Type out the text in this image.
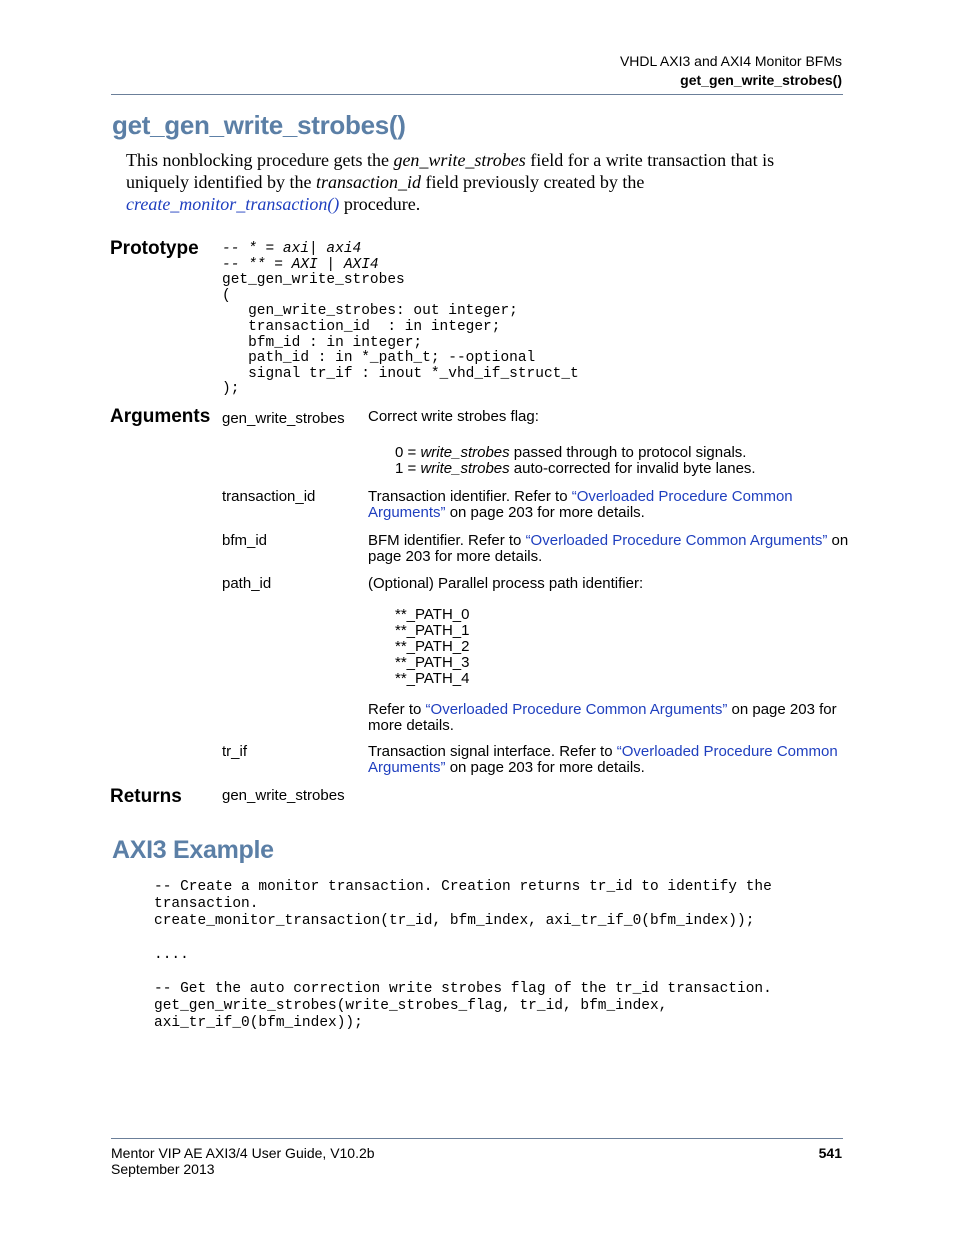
VHDL AXI3 and AXI4 Monitor BFMs
get_gen_write_strobes()
get_gen_write_strobes()
This nonblocking procedure gets the gen_write_strobes field for a write transaction that is uniquely identified by the transaction_id field previously created by the create_monitor_transaction() procedure.
Prototype -- * = axi| axi4
-- ** = AXI | AXI4
get_gen_write_strobes
(
gen_write_strobes: out integer;
transaction_id  : in integer;
bfm_id : in integer;
path_id : in *_path_t; --optional
signal tr_if : inout *_vhd_if_struct_t
);
Arguments gen_write_strobes Correct write strobes flag:
0 = write_strobes passed through to protocol signals.
1 = write_strobes auto-corrected for invalid byte lanes.
transaction_id	Transaction identifier. Refer to “Overloaded Procedure Common Arguments” on page 203 for more details.
bfm_id	BFM identifier. Refer to “Overloaded Procedure Common Arguments” on page 203 for more details.
path_id	(Optional) Parallel process path identifier:
**_PATH_0
**_PATH_1
**_PATH_2
**_PATH_3
**_PATH_4
Refer to “Overloaded Procedure Common Arguments” on page 203 for more details.
tr_if	Transaction signal interface. Refer to “Overloaded Procedure Common Arguments” on page 203 for more details.
Returns	gen_write_strobes
AXI3 Example
-- Create a monitor transaction. Creation returns tr_id to identify the
transaction.
create_monitor_transaction(tr_id, bfm_index, axi_tr_if_0(bfm_index));
....
-- Get the auto correction write strobes flag of the tr_id transaction.
get_gen_write_strobes(write_strobes_flag, tr_id, bfm_index,
axi_tr_if_0(bfm_index));
Mentor VIP AE AXI3/4 User Guide, V10.2b
September 2013
541
